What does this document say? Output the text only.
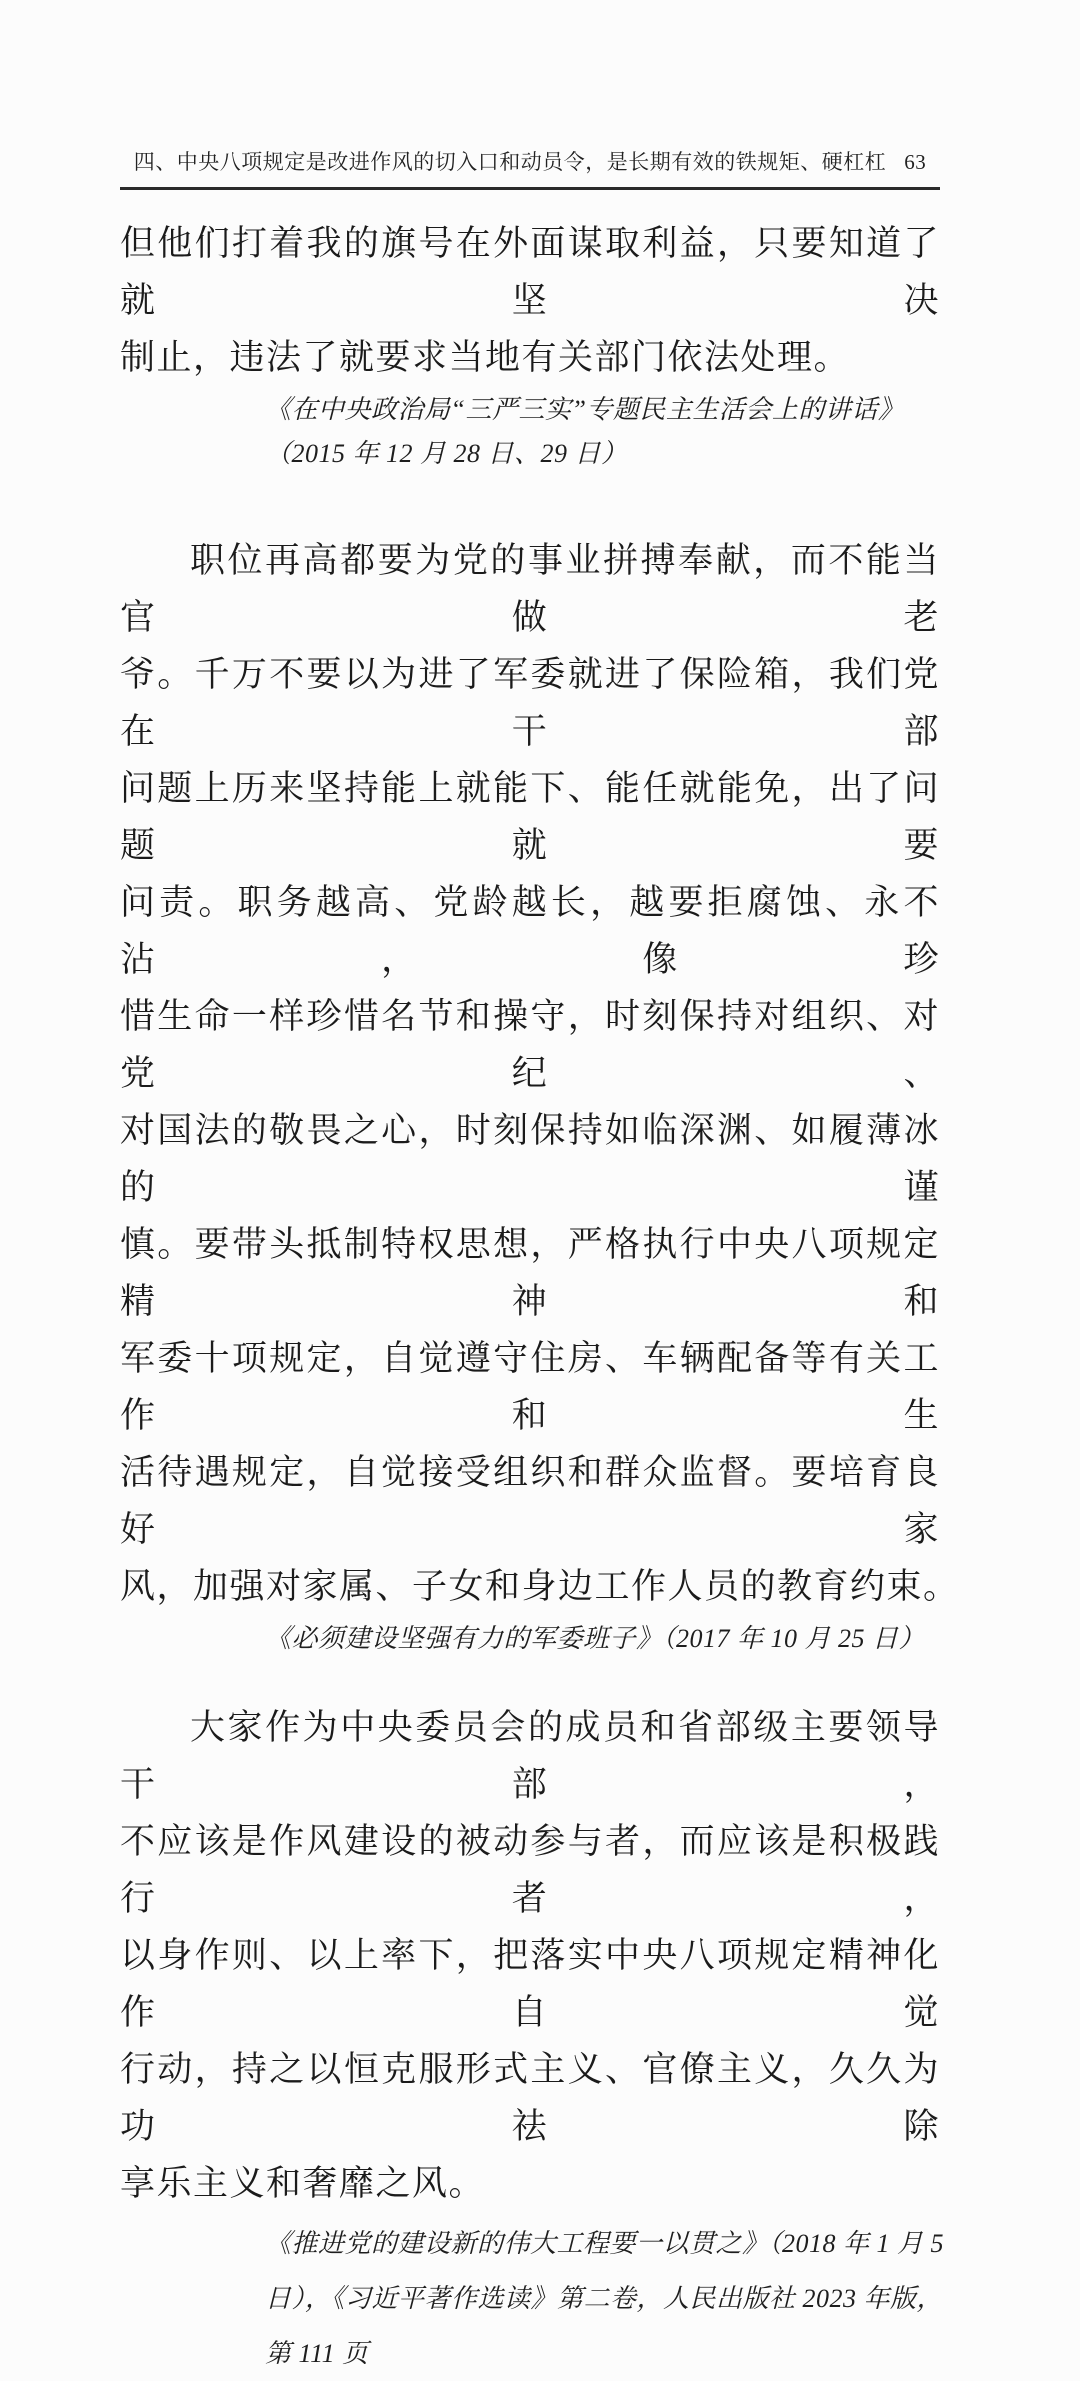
四、中央八项规定是改进作风的切入口和动员令，是长期有效的铁规矩、硬杠杠 63
但他们打着我的旗号在外面谋取利益，只要知道了就坚决
制止，违法了就要求当地有关部门依法处理。
《在中央政治局“三严三实”专题民主生活会上的讲话》
（2015 年 12 月 28 日、29 日）
职位再高都要为党的事业拼搏奉献，而不能当官做老
爷。千万不要以为进了军委就进了保险箱，我们党在干部
问题上历来坚持能上就能下、能任就能免，出了问题就要
问责。职务越高、党龄越长，越要拒腐蚀、永不沾，像珍
惜生命一样珍惜名节和操守，时刻保持对组织、对党纪、
对国法的敬畏之心，时刻保持如临深渊、如履薄冰的谨
慎。要带头抵制特权思想，严格执行中央八项规定精神和
军委十项规定，自觉遵守住房、车辆配备等有关工作和生
活待遇规定，自觉接受组织和群众监督。要培育良好家
风，加强对家属、子女和身边工作人员的教育约束。
《必须建设坚强有力的军委班子》（2017 年 10 月 25 日）
大家作为中央委员会的成员和省部级主要领导干部，
不应该是作风建设的被动参与者，而应该是积极践行者，
以身作则、以上率下，把落实中央八项规定精神化作自觉
行动，持之以恒克服形式主义、官僚主义，久久为功祛除
享乐主义和奢靡之风。
《推进党的建设新的伟大工程要一以贯之》（2018 年 1 月 5
日），《习近平著作选读》第二卷，人民出版社 2023 年版，
第 111 页
